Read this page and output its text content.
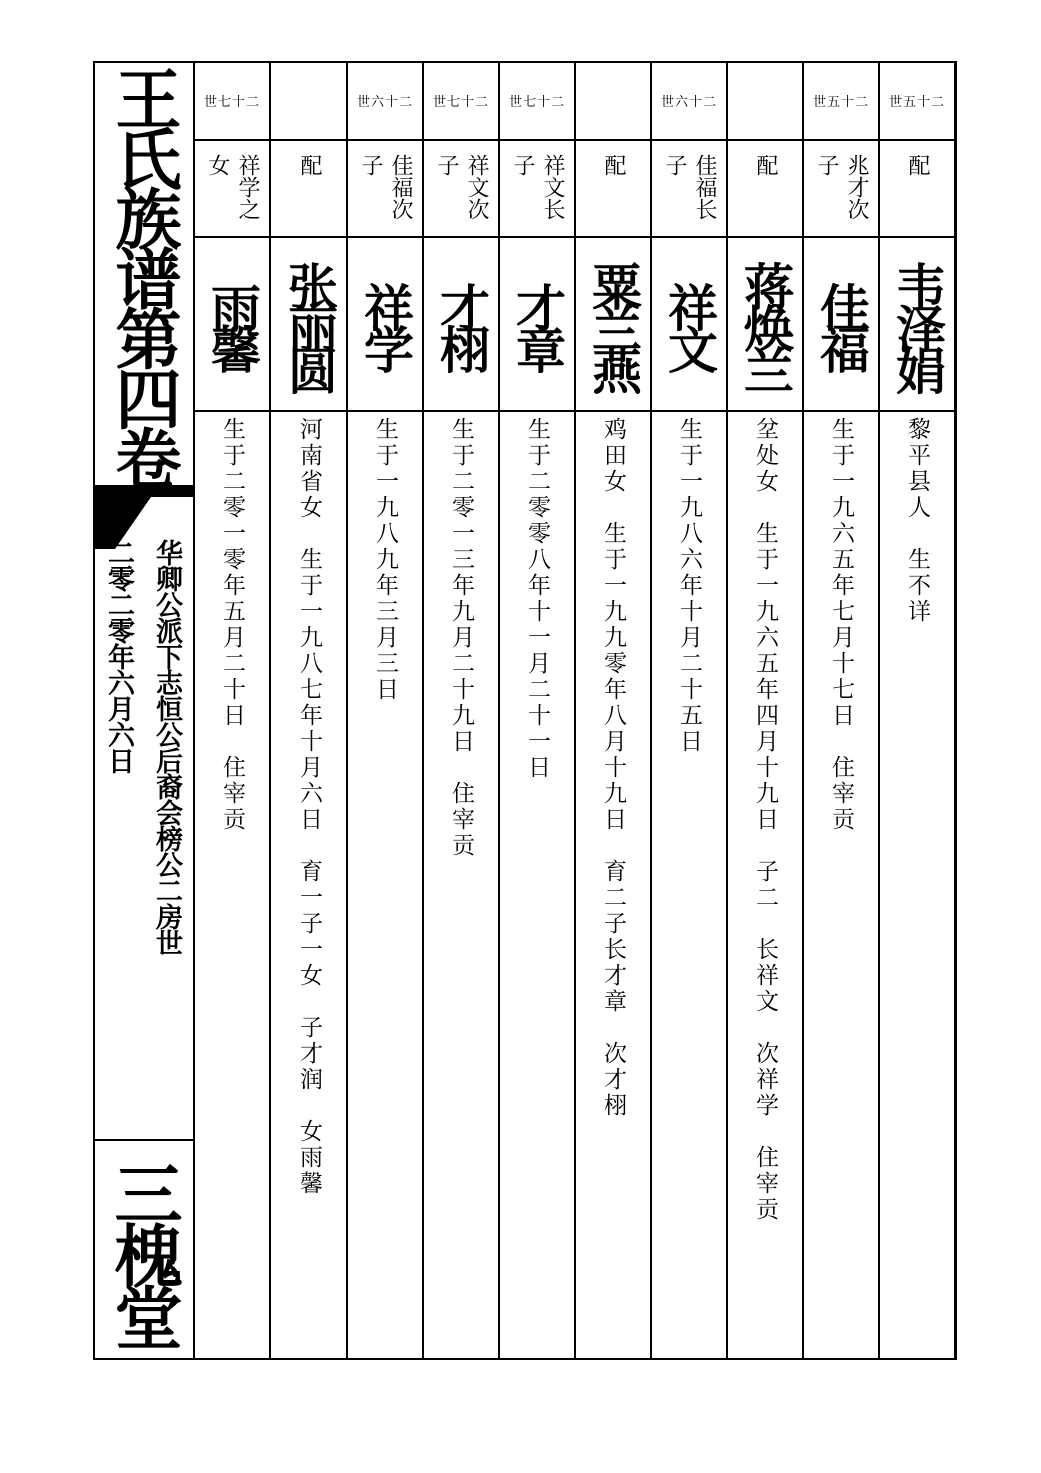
王氏族谱第四卷
华卿公派下志恒公后裔会榜公二房世
二零二零年六月六日
三槐堂
世五十二
配
韦泽娟
黎平县人　生不详
世五十二
兆才次子
佳福
生于一九六五年七月十七日　住宰贡
配
蒋焕兰
坌处女　生于一九六五年四月十九日　子二　长祥文　次祥学　住宰贡
世六十二
佳福长子
祥文
生于一九八六年十月二十五日
配
粟兰燕
鸡田女　生于一九九零年八月十九日　育二子长才章　次才栩
世七十二
祥文长子
才章
生于二零零八年十一月二十一日
世七十二
祥文次子
才栩
生于二零一三年九月二十九日　住宰贡
世六十二
佳福次子
祥学
生于一九八九年三月三日
配
张丽圆
河南省女　生于一九八七年十月六日　育一子一女　子才润　女雨馨
世七十二
祥学之女
雨馨
生于二零一零年五月二十日　住宰贡
